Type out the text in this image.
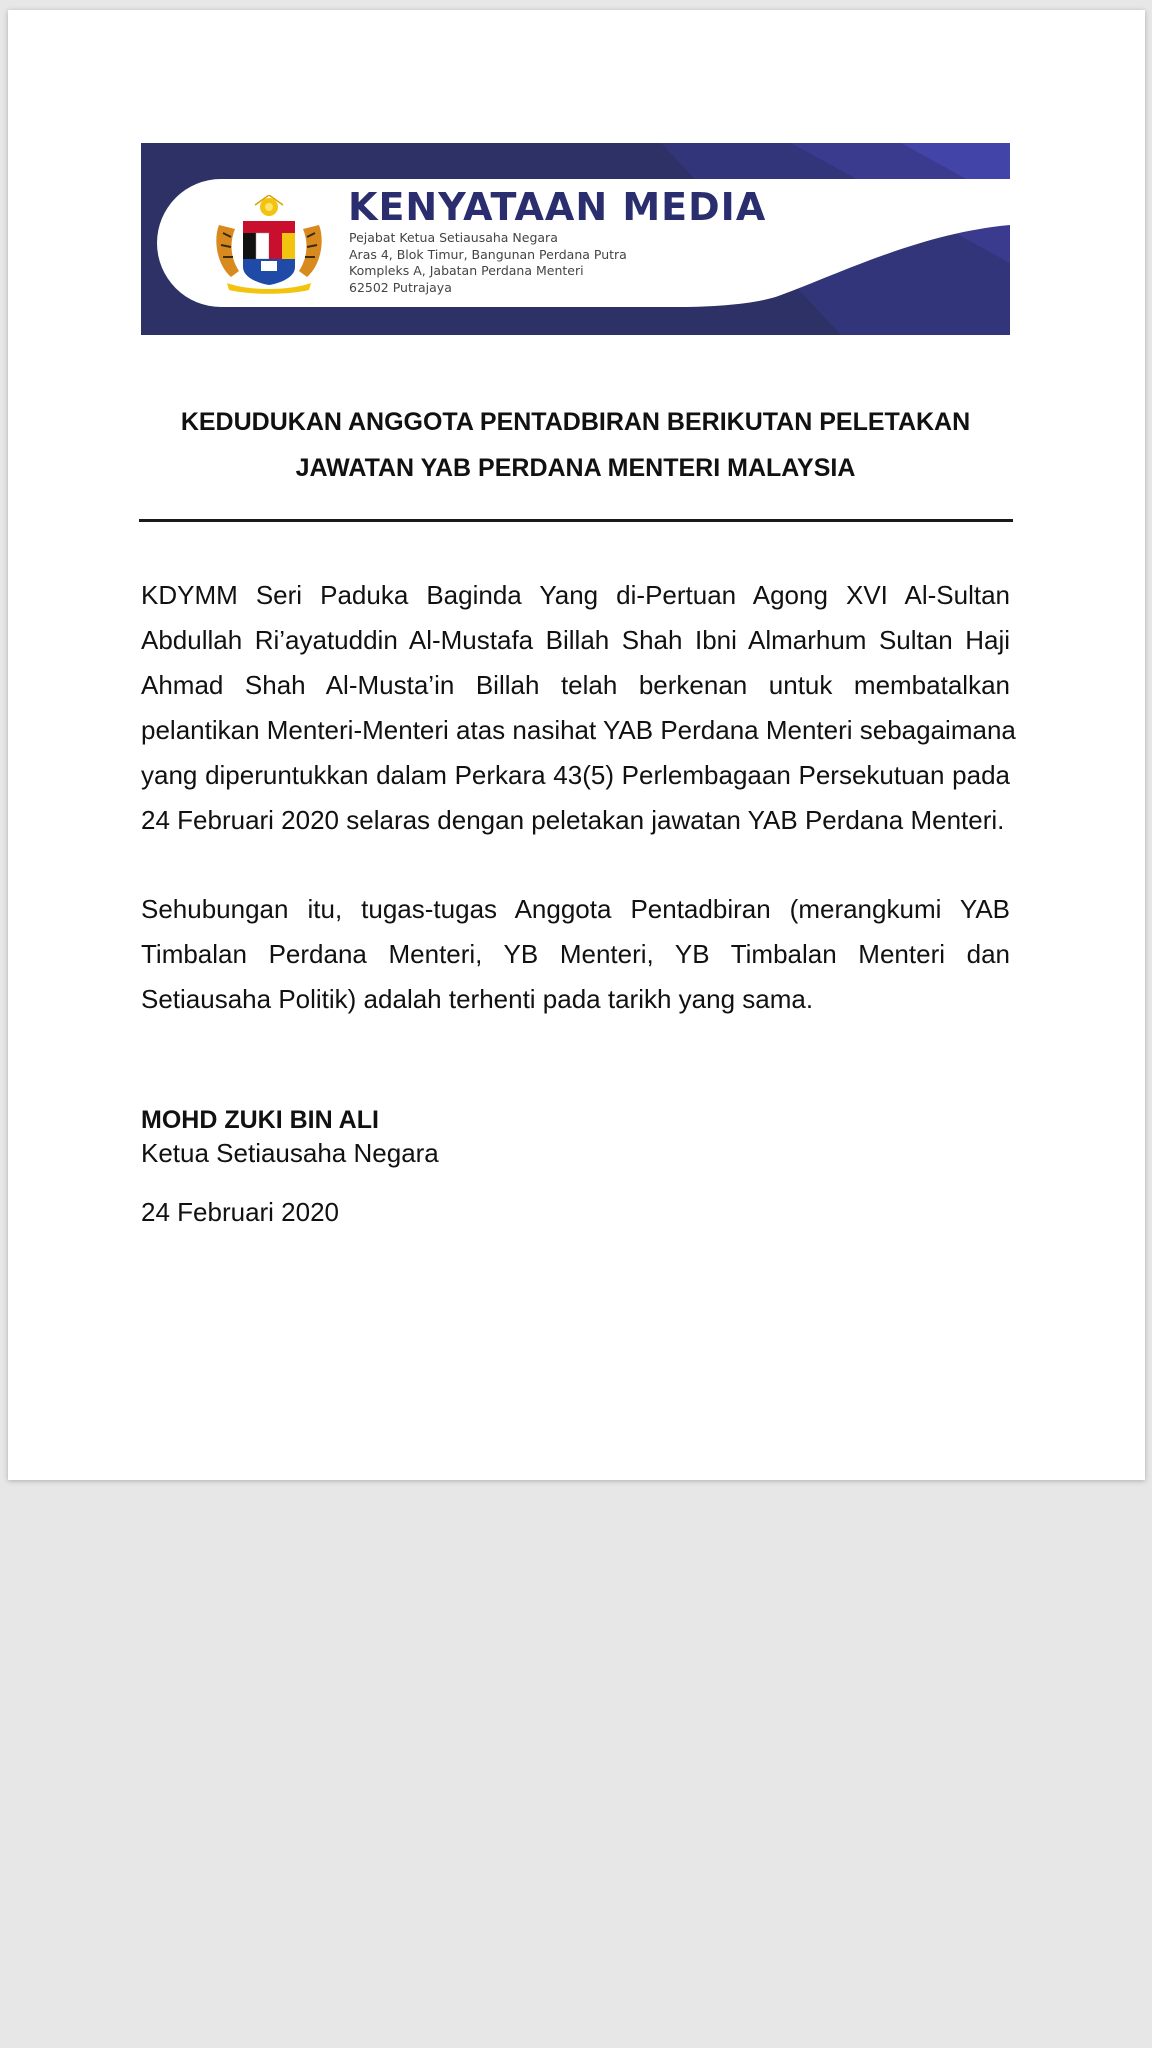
KENYATAAN MEDIA
Pejabat Ketua Setiausaha Negara
Aras 4, Blok Timur, Bangunan Perdana Putra
Kompleks A, Jabatan Perdana Menteri
62502 Putrajaya
KEDUDUKAN ANGGOTA PENTADBIRAN BERIKUTAN PELETAKAN
JAWATAN YAB PERDANA MENTERI MALAYSIA
KDYMM Seri Paduka Baginda Yang di-Pertuan Agong XVI Al-Sultan
Abdullah Ri’ayatuddin Al-Mustafa Billah Shah Ibni Almarhum Sultan Haji
Ahmad Shah Al-Musta’in Billah telah berkenan untuk membatalkan
pelantikan Menteri-Menteri atas nasihat YAB Perdana Menteri sebagaimana
yang diperuntukkan dalam Perkara 43(5) Perlembagaan Persekutuan pada
24 Februari 2020 selaras dengan peletakan jawatan YAB Perdana Menteri.
Sehubungan itu, tugas-tugas Anggota Pentadbiran (merangkumi YAB
Timbalan Perdana Menteri, YB Menteri, YB Timbalan Menteri dan
Setiausaha Politik) adalah terhenti pada tarikh yang sama.
MOHD ZUKI BIN ALI
Ketua Setiausaha Negara
24 Februari 2020
